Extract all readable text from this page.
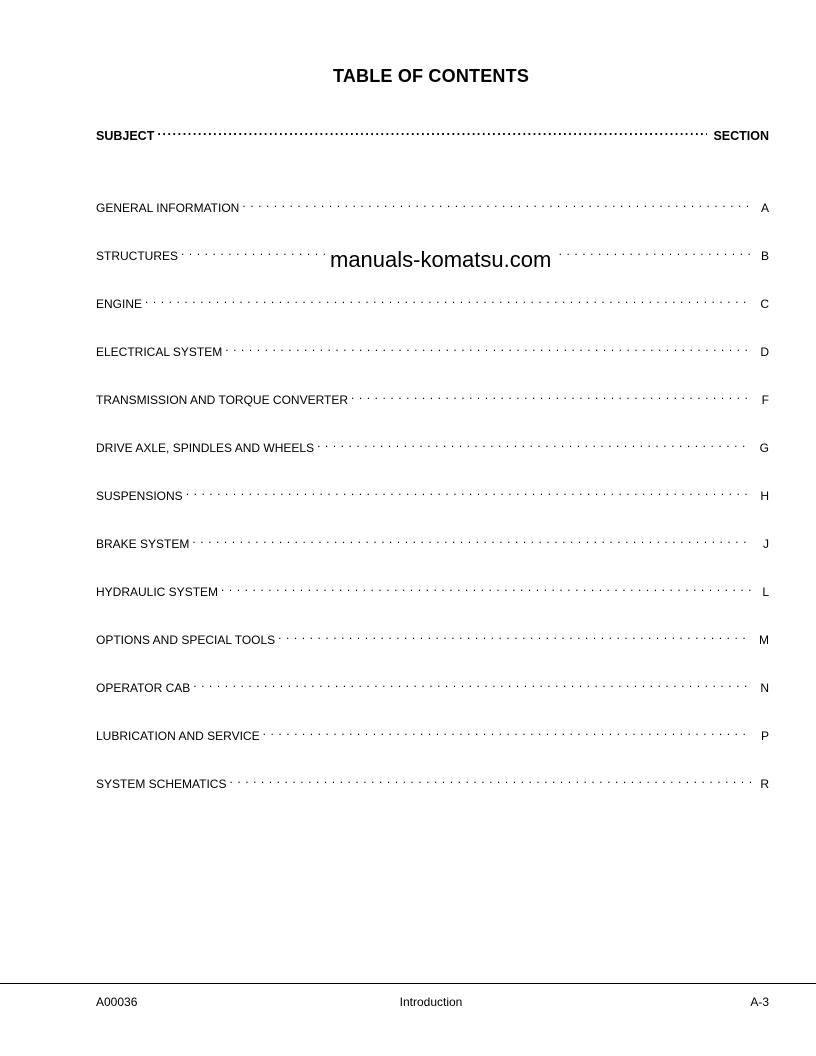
TABLE OF CONTENTS
SUBJECT .....	SECTION
GENERAL INFORMATION . . .	A
STRUCTURES . . .	B
ENGINE . . .	C
ELECTRICAL SYSTEM . . .	D
TRANSMISSION AND TORQUE CONVERTER . . .	F
DRIVE AXLE, SPINDLES AND WHEELS . . .	G
SUSPENSIONS . . .	H
BRAKE SYSTEM . . .	J
HYDRAULIC SYSTEM . . .	L
OPTIONS AND SPECIAL TOOLS . . .	M
OPERATOR CAB . . .	N
LUBRICATION AND SERVICE . . .	P
SYSTEM SCHEMATICS . . .	R
manuals-komatsu.com
A00036	Introduction	A-3
